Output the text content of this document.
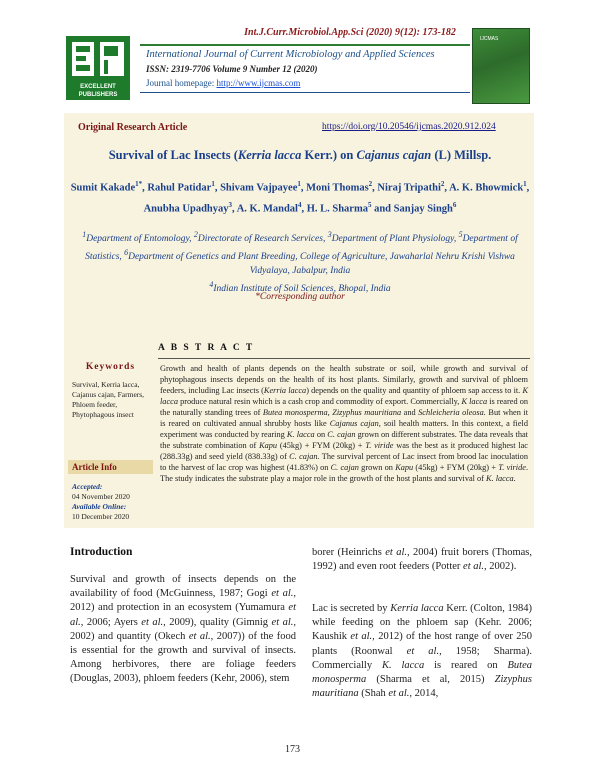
Int.J.Curr.Microbiol.App.Sci (2020) 9(12): 173-182
EXCELLENT
PUBLISHERS
International Journal of Current Microbiology and Applied Sciences
ISSN: 2319-7706 Volume 9 Number 12 (2020)
Journal homepage: http://www.ijcmas.com
IJCMAS
Original Research Article	https://doi.org/10.20546/ijcmas.2020.912.024
Survival of Lac Insects (Kerria lacca Kerr.) on Cajanus cajan (L) Millsp.
Sumit Kakade$^{1*}$, Rahul Patidar$^1$, Shivam Vajpayee$^1$, Moni Thomas$^2$, Niraj Tripathi$^2$, A. K. Bhowmick$^1$, Anubha Upadhyay$^3$, A. K. Mandal$^4$, H. L. Sharma$^5$ and Sanjay Singh$^6$
$^1$Department of Entomology, $^2$Directorate of Research Services, $^3$Department of Plant Physiology, $^5$Department of Statistics, $^6$Department of Genetics and Plant Breeding, College of Agriculture, Jawaharlal Nehru Krishi Vishwa Vidyalaya, Jabalpur, India
$^4$Indian Institute of Soil Sciences, Bhopal, India
*Corresponding author
A B S T R A C T
Keywords
Survival, Kerria lacca, Cajanus cajan, Farmers, Phloem feeder, Phytophagous insect
Article Info
Accepted:
04 November 2020
Available Online:
10 December 2020
Growth and health of plants depends on the health substrate or soil, while growth and survival of phytophagous insects depends on the health of its host plants. Similarly, growth and survival of phloem feeders, including Lac insects (Kerria lacca) depends on the quality and quantity of phloem sap access to it. K lacca produce natural resin which is a cash crop and commodity of export. Commercially, K lacca is reared on the naturally standing trees of Butea monosperma, Zizyphus mauritiana and Schleicheria oleosa. But when it is reared on cultivated annual shrubby hosts like Cajanus cajan, soil health matters. In this context, a field experiment was conducted by rearing K. lacca on C. cajan grown on different substrates. The data reveals that the substrate combination of Kapu (45kg) + FYM (20kg) + T. viride was the best as it produced highest lac (288.33g) and seed yield (838.33g) of C. cajan. The survival percent of Lac insect from brood lac inoculation to the harvest of lac crop was highest (41.83%) on C. cajan grown on Kapu (45kg) + FYM (20kg) + T. viride. The study indicates the substrate play a major role in the growth of the host plants and survival of K. lacca.
Introduction
Survival and growth of insects depends on the availability of food (McGuinness, 1987; Gogi et al., 2012) and protection in an ecosystem (Yumamura et al., 2006; Ayers et al., 2009), quality (Gimnig et al., 2002) and quantity (Okech et al., 2007)) of the food is essential for the growth and survival of insects. Among herbivores, there are foliage feeders (Douglas, 2003), phloem feeders (Kehr, 2006), stem
borer (Heinrichs et al., 2004) fruit borers (Thomas, 1992) and even root feeders (Potter et al., 2002).
Lac is secreted by Kerria lacca Kerr. (Colton, 1984) while feeding on the phloem sap (Kehr. 2006; Kaushik et al., 2012) of the host range of over 250 plants (Roonwal et al., 1958; Sharma). Commercially K. lacca is reared on Butea monosperma (Sharma et al, 2015) Zizyphus mauritiana (Shah et al., 2014,
173
